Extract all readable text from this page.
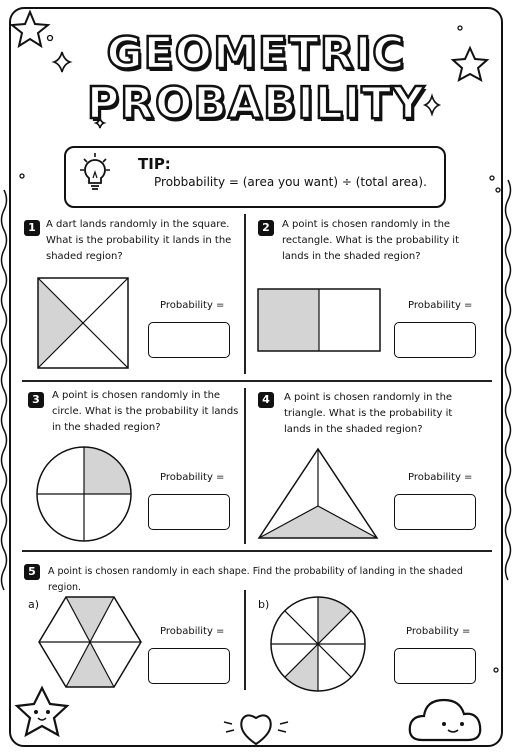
GEOMETRIC
PROBABILITY
TIP:
Probbability = (area you want) ÷ (total area).
1	A dart lands randomly in the square. What is the probability it lands in the shaded region?
Probability =
2	A point is chosen randomly in the rectangle. What is the probability it lands in the shaded region?
Probability =
3	A point is chosen randomly in the circle. What is the probability it lands in the shaded region?
Probability =
4	A point is chosen randomly in the triangle. What is the probability it lands in the shaded region?
Probability =
5	A point is chosen randomly in each shape. Find the probability of landing in the shaded region.
a)
Probability =
b)
Probability =
